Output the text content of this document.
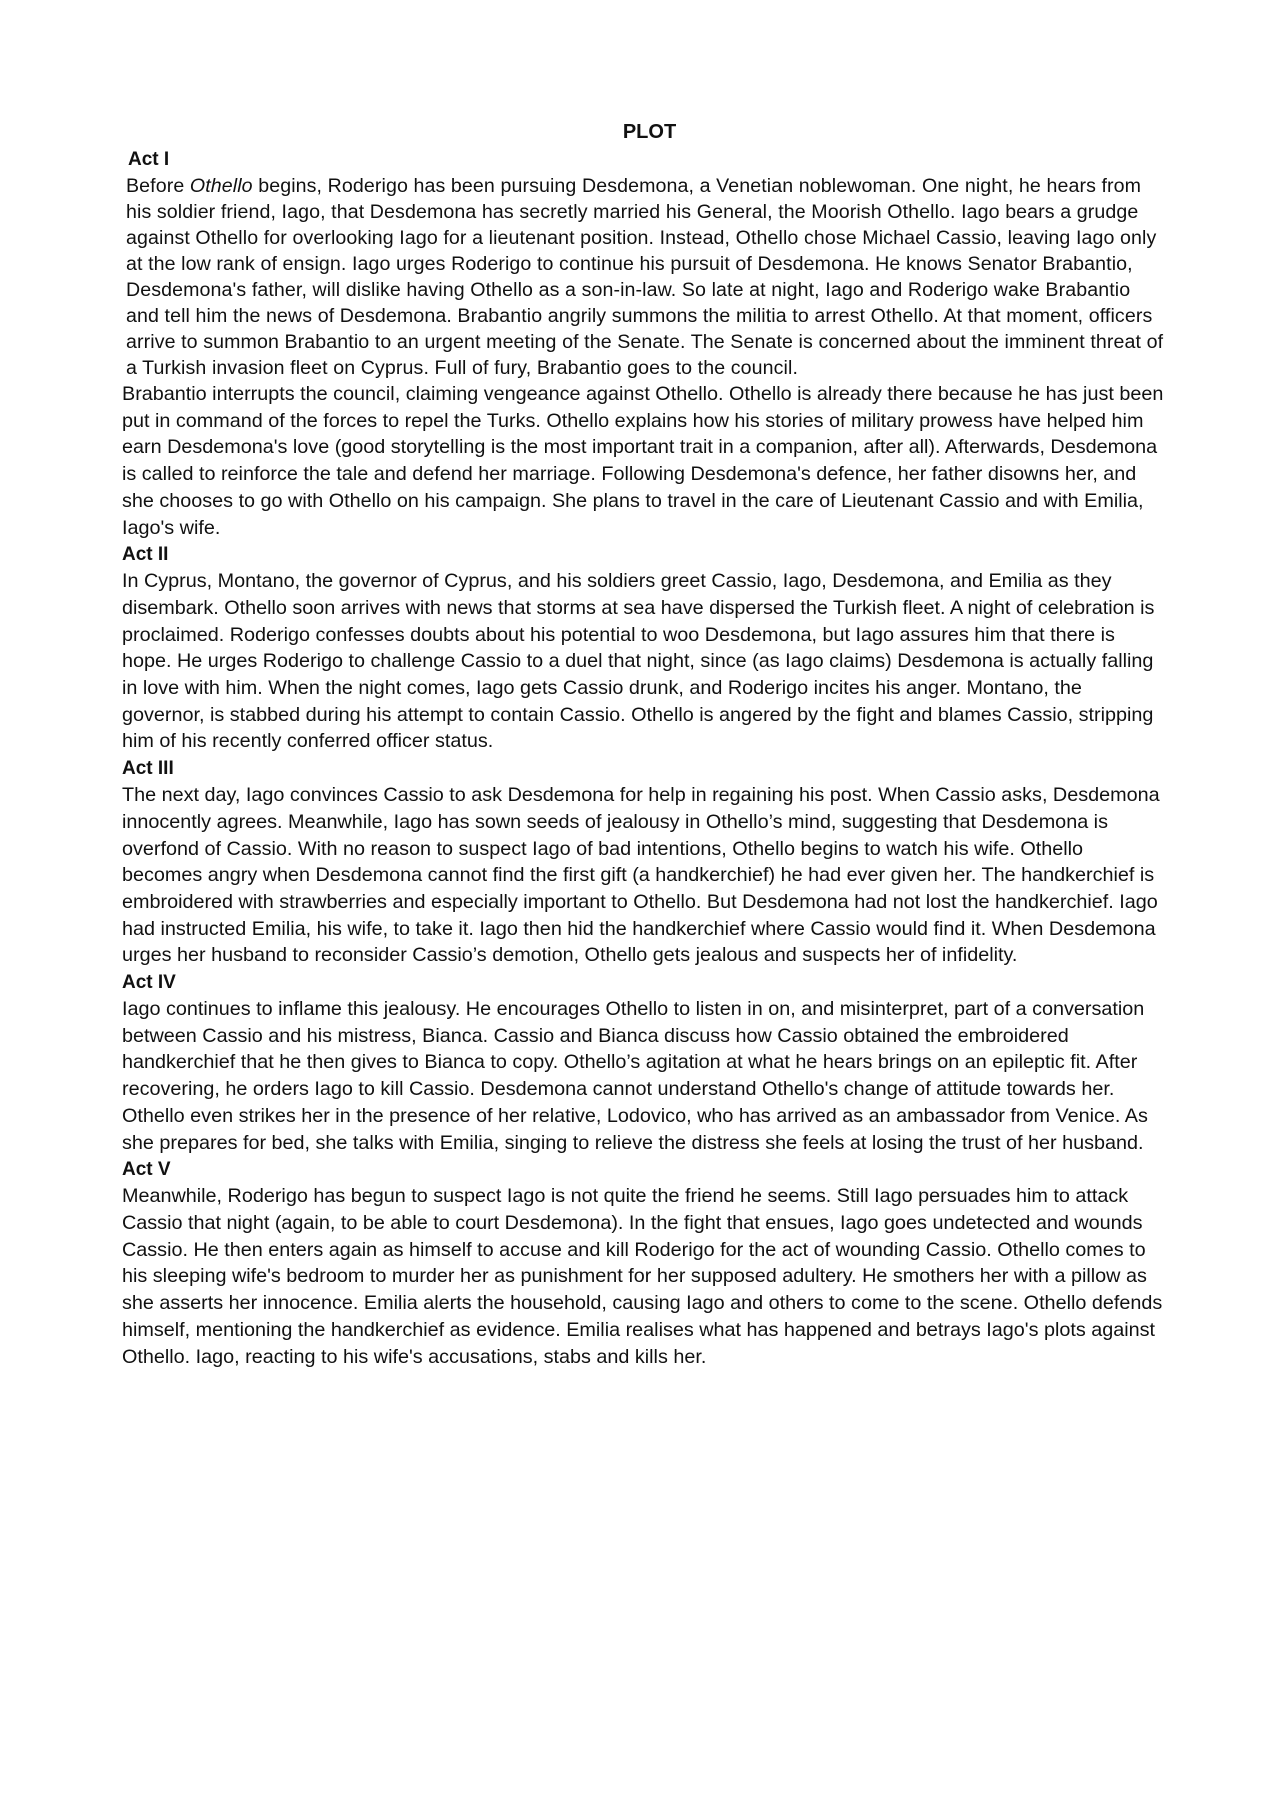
PLOT
Act I

Before Othello begins, Roderigo has been pursuing Desdemona, a Venetian noblewoman. One night, he hears from his soldier friend, Iago, that Desdemona has secretly married his General, the Moorish Othello. Iago bears a grudge against Othello for overlooking Iago for a lieutenant position. Instead, Othello chose Michael Cassio, leaving Iago only at the low rank of ensign. Iago urges Roderigo to continue his pursuit of Desdemona. He knows Senator Brabantio, Desdemona's father, will dislike having Othello as a son-in-law. So late at night, Iago and Roderigo wake Brabantio and tell him the news of Desdemona. Brabantio angrily summons the militia to arrest Othello. At that moment, officers arrive to summon Brabantio to an urgent meeting of the Senate. The Senate is concerned about the imminent threat of a Turkish invasion fleet on Cyprus. Full of fury, Brabantio goes to the council.

Brabantio interrupts the council, claiming vengeance against Othello. Othello is already there because he has just been put in command of the forces to repel the Turks. Othello explains how his stories of military prowess have helped him earn Desdemona's love (good storytelling is the most important trait in a companion, after all). Afterwards, Desdemona is called to reinforce the tale and defend her marriage. Following Desdemona's defence, her father disowns her, and she chooses to go with Othello on his campaign. She plans to travel in the care of Lieutenant Cassio and with Emilia, Iago's wife.

Act II

In Cyprus, Montano, the governor of Cyprus, and his soldiers greet Cassio, Iago, Desdemona, and Emilia as they disembark. Othello soon arrives with news that storms at sea have dispersed the Turkish fleet. A night of celebration is proclaimed. Roderigo confesses doubts about his potential to woo Desdemona, but Iago assures him that there is hope. He urges Roderigo to challenge Cassio to a duel that night, since (as Iago claims) Desdemona is actually falling in love with him. When the night comes, Iago gets Cassio drunk, and Roderigo incites his anger. Montano, the governor, is stabbed during his attempt to contain Cassio. Othello is angered by the fight and blames Cassio, stripping him of his recently conferred officer status.

Act III

The next day, Iago convinces Cassio to ask Desdemona for help in regaining his post. When Cassio asks, Desdemona innocently agrees. Meanwhile, Iago has sown seeds of jealousy in Othello’s mind, suggesting that Desdemona is overfond of Cassio. With no reason to suspect Iago of bad intentions, Othello begins to watch his wife. Othello becomes angry when Desdemona cannot find the first gift (a handkerchief) he had ever given her. The handkerchief is embroidered with strawberries and especially important to Othello. But Desdemona had not lost the handkerchief. Iago had instructed Emilia, his wife, to take it. Iago then hid the handkerchief where Cassio would find it. When Desdemona urges her husband to reconsider Cassio’s demotion, Othello gets jealous and suspects her of infidelity.

Act IV

Iago continues to inflame this jealousy. He encourages Othello to listen in on, and misinterpret, part of a conversation between Cassio and his mistress, Bianca. Cassio and Bianca discuss how Cassio obtained the embroidered handkerchief that he then gives to Bianca to copy. Othello’s agitation at what he hears brings on an epileptic fit. After recovering, he orders Iago to kill Cassio. Desdemona cannot understand Othello's change of attitude towards her. Othello even strikes her in the presence of her relative, Lodovico, who has arrived as an ambassador from Venice. As she prepares for bed, she talks with Emilia, singing to relieve the distress she feels at losing the trust of her husband.

Act V

Meanwhile, Roderigo has begun to suspect Iago is not quite the friend he seems. Still Iago persuades him to attack Cassio that night (again, to be able to court Desdemona). In the fight that ensues, Iago goes undetected and wounds Cassio. He then enters again as himself to accuse and kill Roderigo for the act of wounding Cassio. Othello comes to his sleeping wife's bedroom to murder her as punishment for her supposed adultery. He smothers her with a pillow as she asserts her innocence. Emilia alerts the household, causing Iago and others to come to the scene. Othello defends himself, mentioning the handkerchief as evidence. Emilia realises what has happened and betrays Iago's plots against Othello. Iago, reacting to his wife's accusations, stabs and kills her.
